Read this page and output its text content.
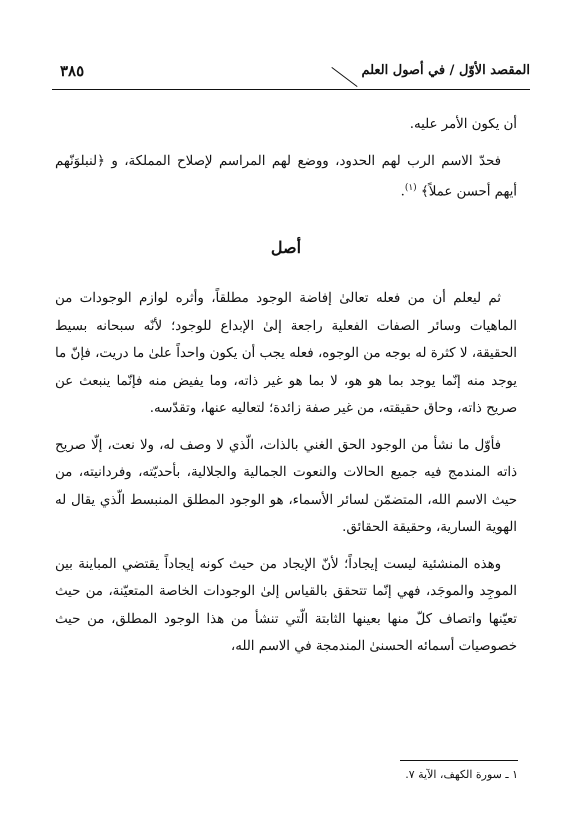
المقصد الأوّل / في أصول العلم
٣٨٥

أن يكون الأمر عليه.

فحدّ الاسم الرب لهم الحدود، ووضع لهم المراسم لإصلاح المملكة، و ﴿لنبلوَنّهم أيهم أحسن عملاً﴾ $^{(١)}$.

أصل

ثم ليعلم أن من فعله تعالىٰ إفاضة الوجود مطلقاً، وأثره لوازم الوجودات من الماهيات وسائر الصفات الفعلية راجعة إلىٰ الإبداع للوجود؛ لأنّه سبحانه بسيط الحقيقة، لا كثرة له بوجه من الوجوه، فعله يجب أن يكون واحداً علىٰ ما دريت، فإنّ ما يوجد منه إنّما يوجد بما هو هو، لا بما هو غير ذاته، وما يفيض منه فإنّما ينبعث عن صريح ذاته، وحاق حقيقته، من غير صفة زائدة؛ لتعاليه عنها، وتقدّسه.

فأوّل ما نشأ من الوجود الحق الغني بالذات، الّذي لا وصف له، ولا نعت، إلّا صريح ذاته المندمج فيه جميع الحالات والنعوت الجمالية والجلالية، بأحديّته، وفردانيته، من حيث الاسم الله، المتضمّن لسائر الأسماء، هو الوجود المطلق المنبسط الّذي يقال له الهوية السارية، وحقيقة الحقائق.

وهذه المنشئية ليست إيجاداً؛ لأنّ الإيجاد من حيث كونه إيجاداً يقتضي المباينة بين الموجِد والموجَد، فهي إنّما تتحقق بالقياس إلىٰ الوجودات الخاصة المتعيّنة، من حيث تعيّنها واتصاف كلّ منها بعينها الثابتة الّتي تنشأ من هذا الوجود المطلق، من حيث خصوصيات أسمائه الحسنىٰ المندمجة في الاسم الله،

١ ـ سورة الكهف، الآية ٧.
